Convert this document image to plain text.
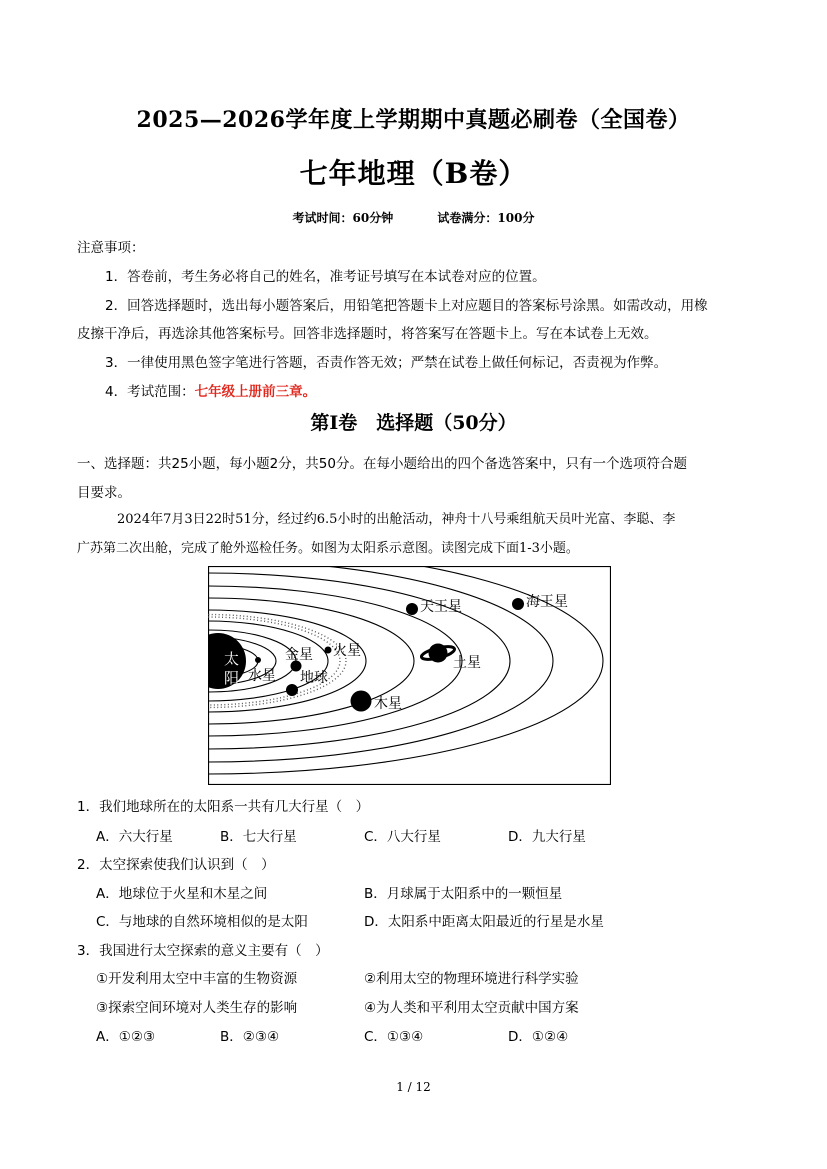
2025—2026学年度上学期期中真题必刷卷（全国卷）
七年地理（B卷）
考试时间：60分钟	试卷满分：100分
注意事项：
1．答卷前，考生务必将自己的姓名，准考证号填写在本试卷对应的位置。
2．回答选择题时，选出每小题答案后，用铅笔把答题卡上对应题目的答案标号涂黑。如需改动，用橡
皮擦干净后，再选涂其他答案标号。回答非选择题时，将答案写在答题卡上。写在本试卷上无效。
3．一律使用黑色签字笔进行答题，否责作答无效；严禁在试卷上做任何标记，否责视为作弊。
4．考试范围：七年级上册前三章。
第Ⅰ卷　选择题（50分）
一、选择题：共25小题，每小题2分，共50分。在每小题给出的四个备选答案中，只有一个选项符合题
目要求。
2024年7月3日22时51分，经过约6.5小时的出舱活动，神舟十八号乘组航天员叶光富、李聪、李
广苏第二次出舱，完成了舱外巡检任务。如图为太阳系示意图。读图完成下面1-3小题。
太
阳 水星
金星
地球
火星
木星
土星
天王星	海王星
1．我们地球所在的太阳系一共有几大行星（　）
A．六大行星	B．七大行星	C．八大行星	D．九大行星
2．太空探索使我们认识到（　）
A．地球位于火星和木星之间	B．月球属于太阳系中的一颗恒星
C．与地球的自然环境相似的是太阳	D．太阳系中距离太阳最近的行星是水星
3．我国进行太空探索的意义主要有（　）
①开发利用太空中丰富的生物资源	②利用太空的物理环境进行科学实验
③探索空间环境对人类生存的影响	④为人类和平利用太空贡献中国方案
A．①②③	B．②③④	C．①③④	D．①②④
1 / 12
